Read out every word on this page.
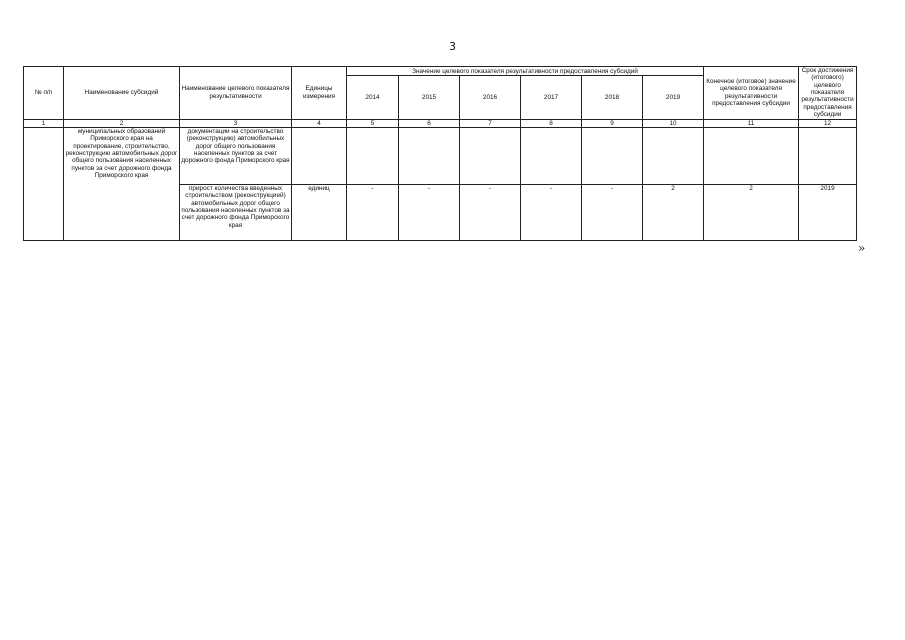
3
№ п/п	Наименование субсидий	Наименование целевого показателя результативности	Единицы измерения	Значение целевого показателя результативности предоставления субсидий						Конечное (итоговое) значение целевого показателя результативности предоставления субсидии	Срок достижения (итогового) целевого показателя результативности предоставления субсидии
				2014	2015	2016	2017	2018	2019		
1	2	3	4	5	6	7	8	9	10	11	12
	муниципальных образований Приморского края на проектирование, строительство, реконструкцию автомобильных дорог общего пользования населенных пунктов за счет дорожного фонда Приморского края	документации на строительство (реконструкцию) автомобильных дорог общего пользования населенных пунктов за счет дорожного фонда Приморского края									
		прирост количества введенных строительством (реконструкцией) автомобильных дорог общего пользования населенных пунктов за счет дорожного фонда Приморского края	единиц	-	-	-	-	-	2	2	2019
»
